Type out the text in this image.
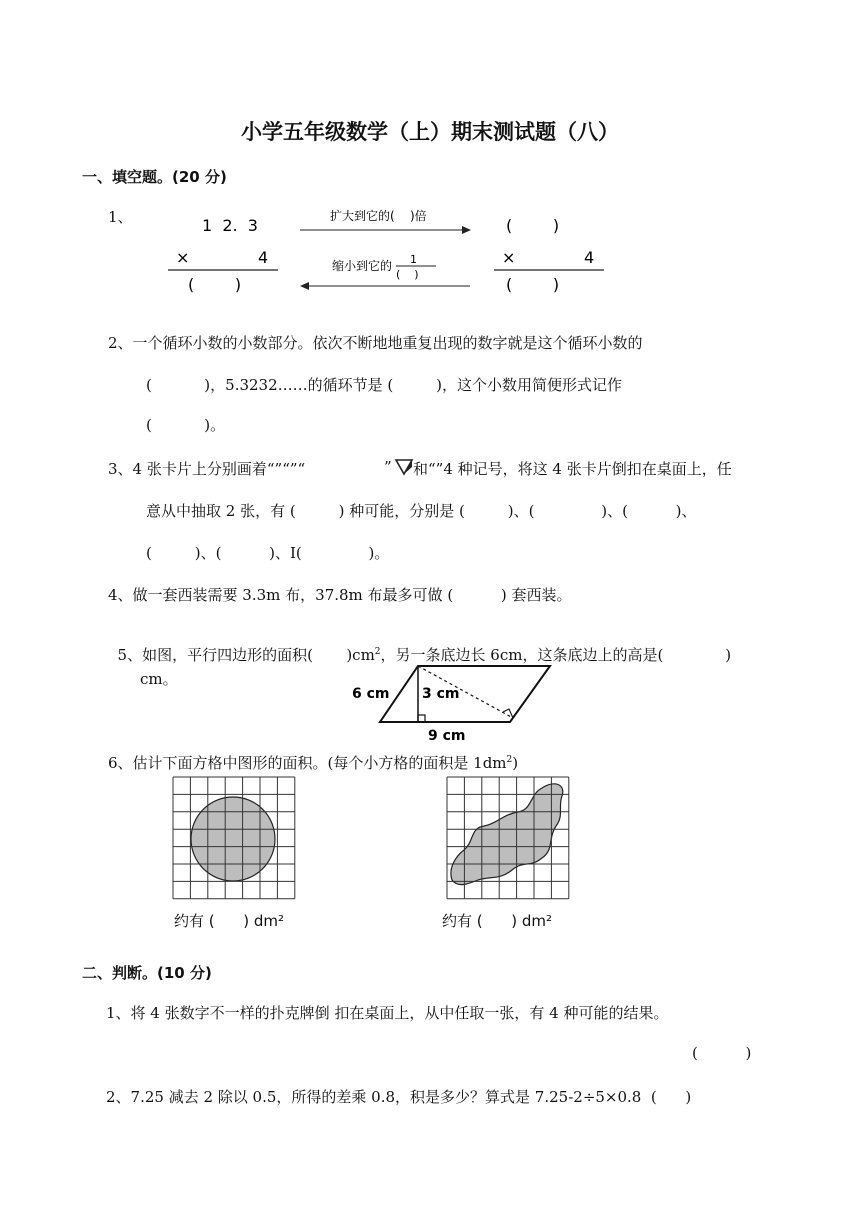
小学五年级数学（上）期末测试题（八）
一、填空题。(20 分)
1、	1  2.  3
×	4
(        )
扩大到它的(    )倍
缩小到它的 1
(    )
(        )
×	4
(        )
2、一个循环小数的小数部分。依次不断地地重复出现的数字就是这个循环小数的
(           )，5.3232……的循环节是 (         )，这个小数用简便形式记作
(           )。
3、4 张卡片上分别画着“”“”“	” 和“”4 种记号，将这 4 张卡片倒扣在桌面上，任
意从中抽取 2 张，有 (         ) 种可能，分别是 (         )、(              )、(          )、
(         )、(          )、I(              )。
4、做一套西装需要 3.3m 布，37.8m 布最多可做 (          ) 套西装。

5、如图，平行四边形的面积(       )$cm^2$，另一条底边长 6cm，这条底边上的高是(             )

cm。
6 cm 3 cm
9 cm
6、估计下面方格中图形的面积。(每个小方格的面积是 $1dm^2$)
约有 (      ) dm²	约有 (      ) dm²
二、判断。(10 分)
1、将 4 张数字不一样的扑克牌倒 扣在桌面上，从中任取一张，有 4 种可能的结果。
(          )
2、7.25 减去 2 除以 0.5，所得的差乘 0.8，积是多少？算式是 7.25-2÷5×0.8  (      )
